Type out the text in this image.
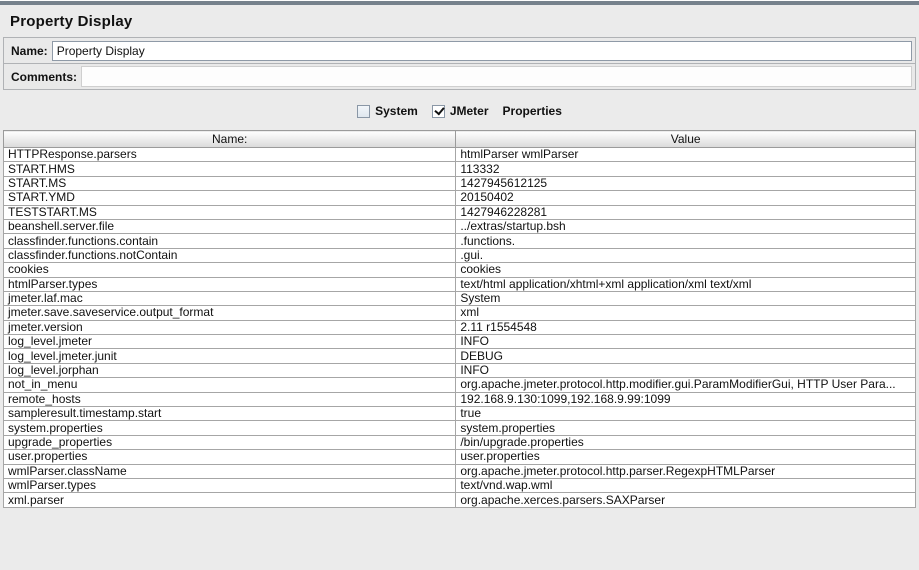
Property Display
Name:
Property Display
Comments:
System	JMeter Properties
Name:	Value
HTTPResponse.parsers	htmlParser wmlParser
START.HMS	113332
START.MS	1427945612125
START.YMD	20150402
TESTSTART.MS	1427946228281
beanshell.server.file	../extras/startup.bsh
classfinder.functions.contain	.functions.
classfinder.functions.notContain	.gui.
cookies	cookies
htmlParser.types	text/html application/xhtml+xml application/xml text/xml
jmeter.laf.mac	System
jmeter.save.saveservice.output_format	xml
jmeter.version	2.11 r1554548
log_level.jmeter	INFO
log_level.jmeter.junit	DEBUG
log_level.jorphan	INFO
not_in_menu	org.apache.jmeter.protocol.http.modifier.gui.ParamModifierGui, HTTP User Para...
remote_hosts	192.168.9.130:1099,192.168.9.99:1099
sampleresult.timestamp.start	true
system.properties	system.properties
upgrade_properties	/bin/upgrade.properties
user.properties	user.properties
wmlParser.className	org.apache.jmeter.protocol.http.parser.RegexpHTMLParser
wmlParser.types	text/vnd.wap.wml
xml.parser	org.apache.xerces.parsers.SAXParser
